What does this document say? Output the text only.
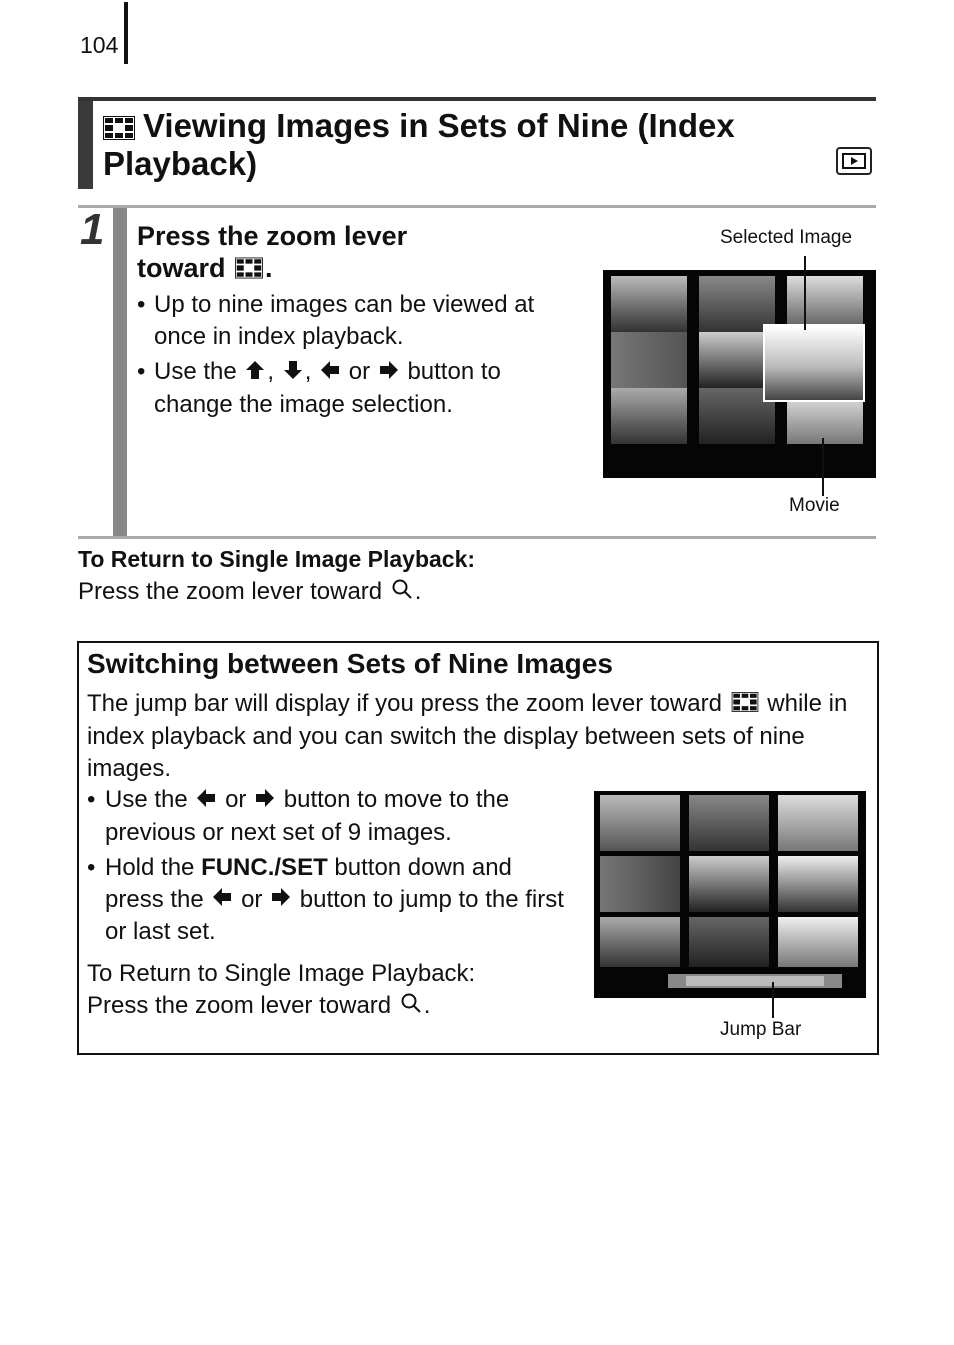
104
Viewing Images in Sets of Nine (Index Playback)
1 Press the zoom lever
toward .
• Up to nine images can be viewed at once in index playback.
• Use the , , or button to change the image selection.
Selected Image
Movie
To Return to Single Image Playback:
Press the zoom lever toward .
Switching between Sets of Nine Images
The jump bar will display if you press the zoom lever toward while in index playback and you can switch the display between sets of nine images.
• Use the or button to move to the previous or next set of 9 images.
• Hold the FUNC./SET button down and press the or button to jump to the first or last set.
To Return to Single Image Playback:
Press the zoom lever toward .
Jump Bar
